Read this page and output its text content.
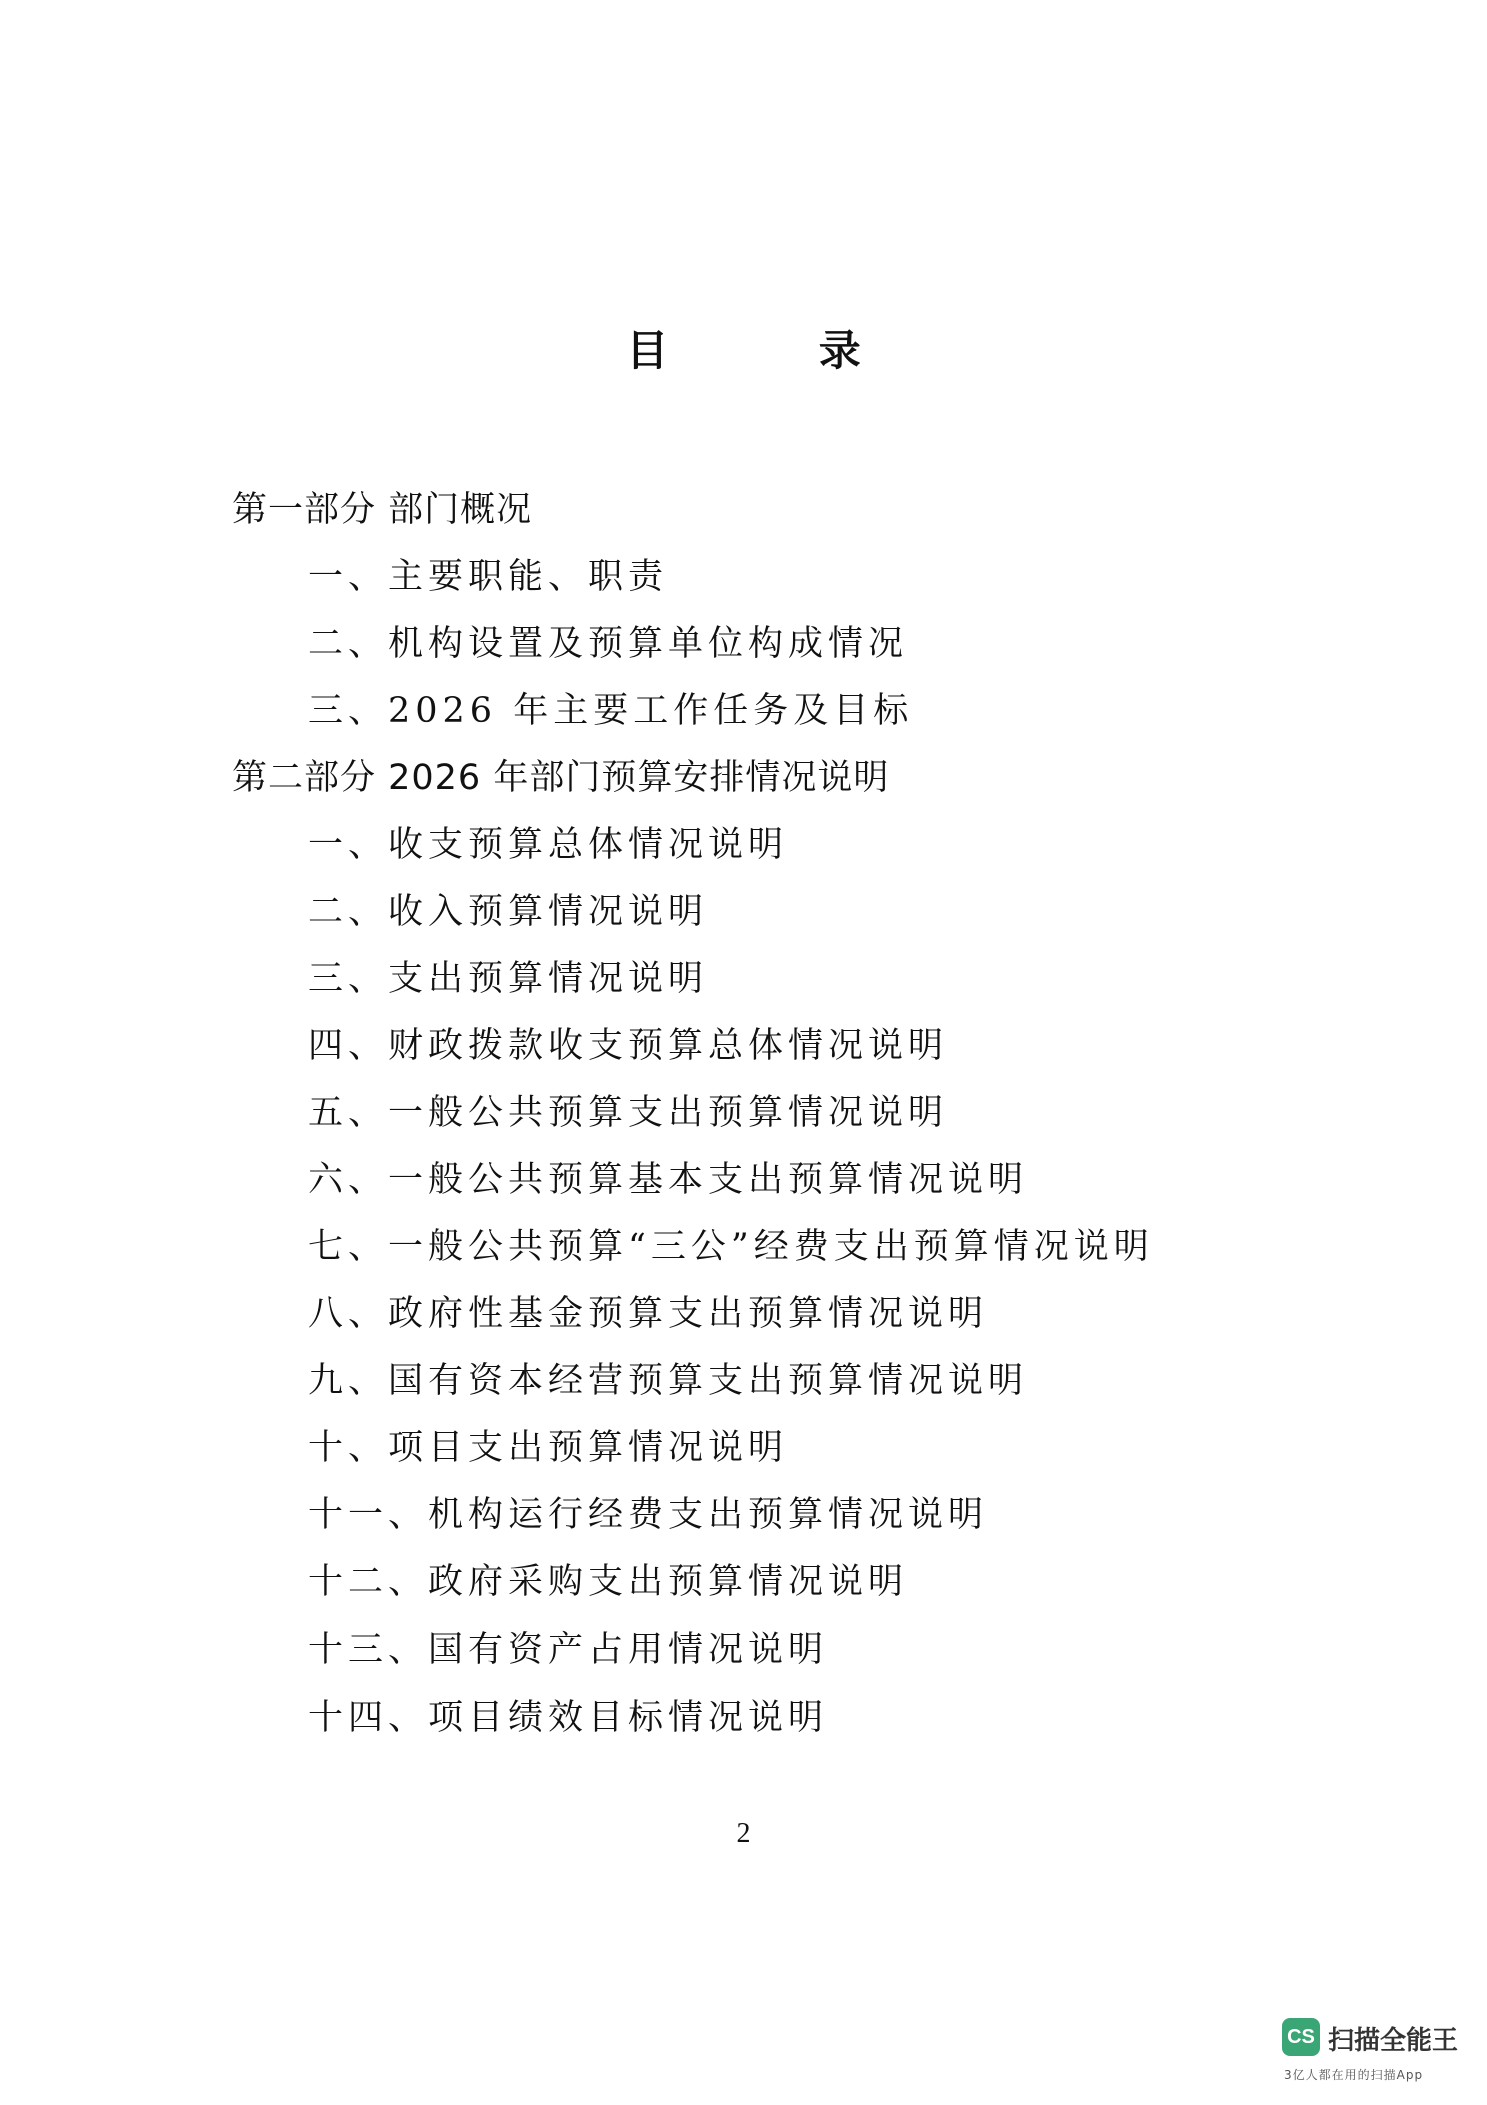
目 录
第一部分 部门概况
一、主要职能、职责
二、机构设置及预算单位构成情况
三、2026 年主要工作任务及目标
第二部分 2026 年部门预算安排情况说明
一、收支预算总体情况说明
二、收入预算情况说明
三、支出预算情况说明
四、财政拨款收支预算总体情况说明
五、一般公共预算支出预算情况说明
六、一般公共预算基本支出预算情况说明
七、一般公共预算“三公”经费支出预算情况说明
八、政府性基金预算支出预算情况说明
九、国有资本经营预算支出预算情况说明
十、项目支出预算情况说明
十一、机构运行经费支出预算情况说明
十二、政府采购支出预算情况说明
十三、国有资产占用情况说明
十四、项目绩效目标情况说明
2
CS 扫描全能王
3亿人都在用的扫描App
